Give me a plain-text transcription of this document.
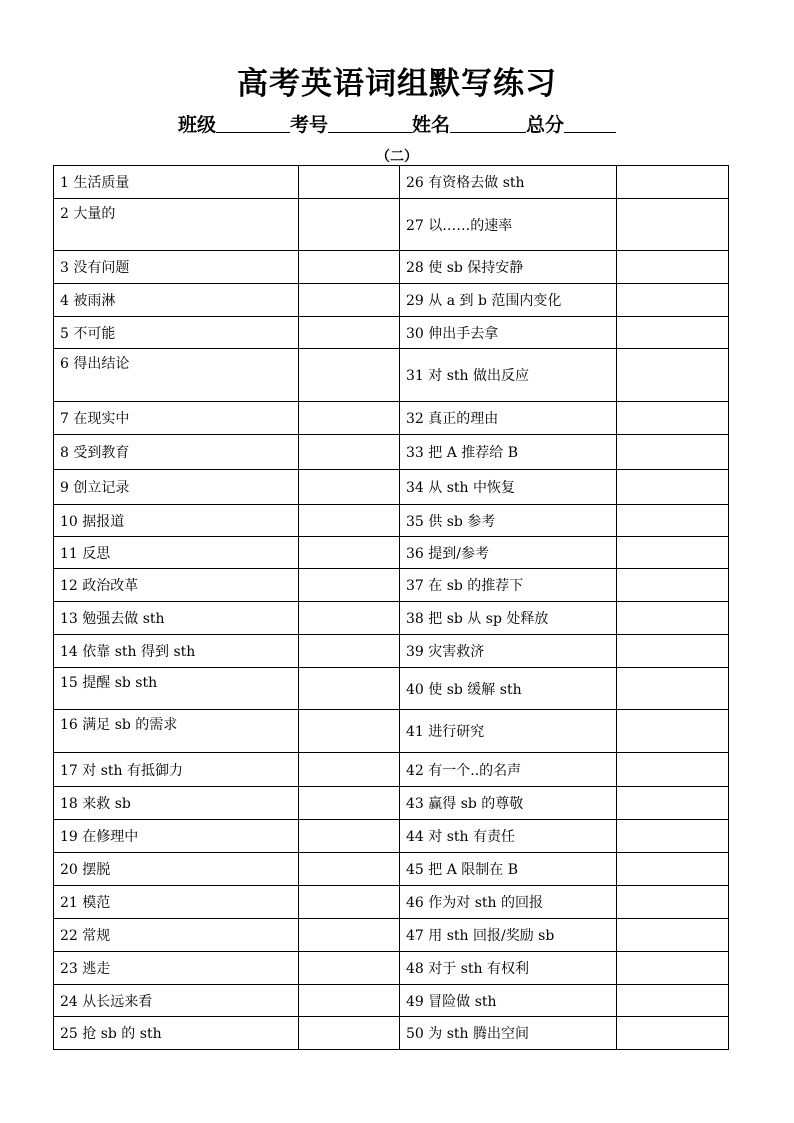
高考英语词组默写练习
班级	考号	姓名	总分
（二）
1 生活质量		26 有资格去做 sth	
2 大量的		27 以……的速率	
3 没有问题		28 使 sb 保持安静	
4 被雨淋		29 从 a 到 b 范围内变化	
5 不可能		30 伸出手去拿	
6 得出结论		31 对 sth 做出反应	
7 在现实中		32 真正的理由	
8 受到教育		33 把 A 推荐给 B	
9 创立记录		34 从 sth 中恢复	
10 据报道		35 供 sb 参考	
11 反思		36 提到/参考	
12 政治改革		37 在 sb 的推荐下	
13 勉强去做 sth		38 把 sb 从 sp 处释放	
14 依靠 sth 得到 sth		39 灾害救济	
15 提醒 sb sth		40 使 sb 缓解 sth	
16 满足 sb 的需求		41 进行研究	
17 对 sth 有抵御力		42 有一个..的名声	
18 来救 sb		43 赢得 sb 的尊敬	
19 在修理中		44 对 sth 有责任	
20 摆脱		45 把 A 限制在 B	
21 模范		46 作为对 sth 的回报	
22 常规		47 用 sth 回报/奖励 sb	
23 逃走		48 对于 sth 有权利	
24 从长远来看		49 冒险做 sth	
25 抢 sb 的 sth		50 为 sth 腾出空间	
